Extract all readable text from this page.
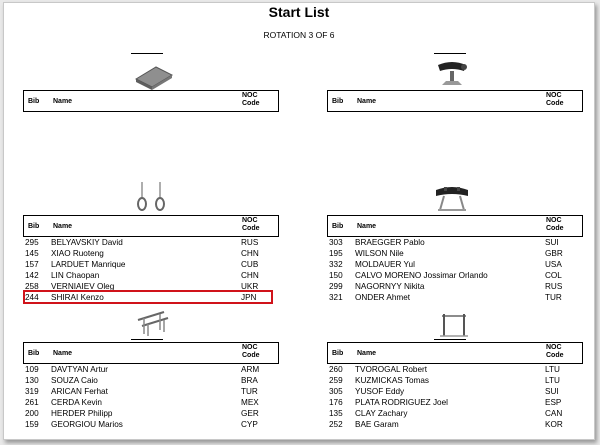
Start List
ROTATION 3 OF 6
Bib Name
NOC
Code	Bib Name
NOC
Code
Bib Name
NOC
Code
295 BELYAVSKIY David	RUS
145 XIAO Ruoteng	CHN
157 LARDUET Manrique	CUB
142 LIN Chaopan	CHN
258 VERNIAIEV Oleg	UKR
244 SHIRAI Kenzo	JPN
Bib Name
NOC
Code
303 BRAEGGER Pablo	SUI
195 WILSON Nile	GBR
332 MOLDAUER Yul	USA
150 CALVO MORENO Jossimar Orlando	COL
299 NAGORNYY Nikita	RUS
321 ONDER Ahmet	TUR
Bib Name
NOC
Code
109 DAVTYAN Artur	ARM
130 SOUZA Caio	BRA
319 ARICAN Ferhat	TUR
261 CERDA Kevin	MEX
200 HERDER Philipp	GER
159 GEORGIOU Marios	CYP
Bib Name
NOC
Code
260 TVOROGAL Robert	LTU
259 KUZMICKAS Tomas	LTU
305 YUSOF Eddy	SUI
176 PLATA RODRIGUEZ Joel	ESP
135 CLAY Zachary	CAN
252 BAE Garam	KOR
